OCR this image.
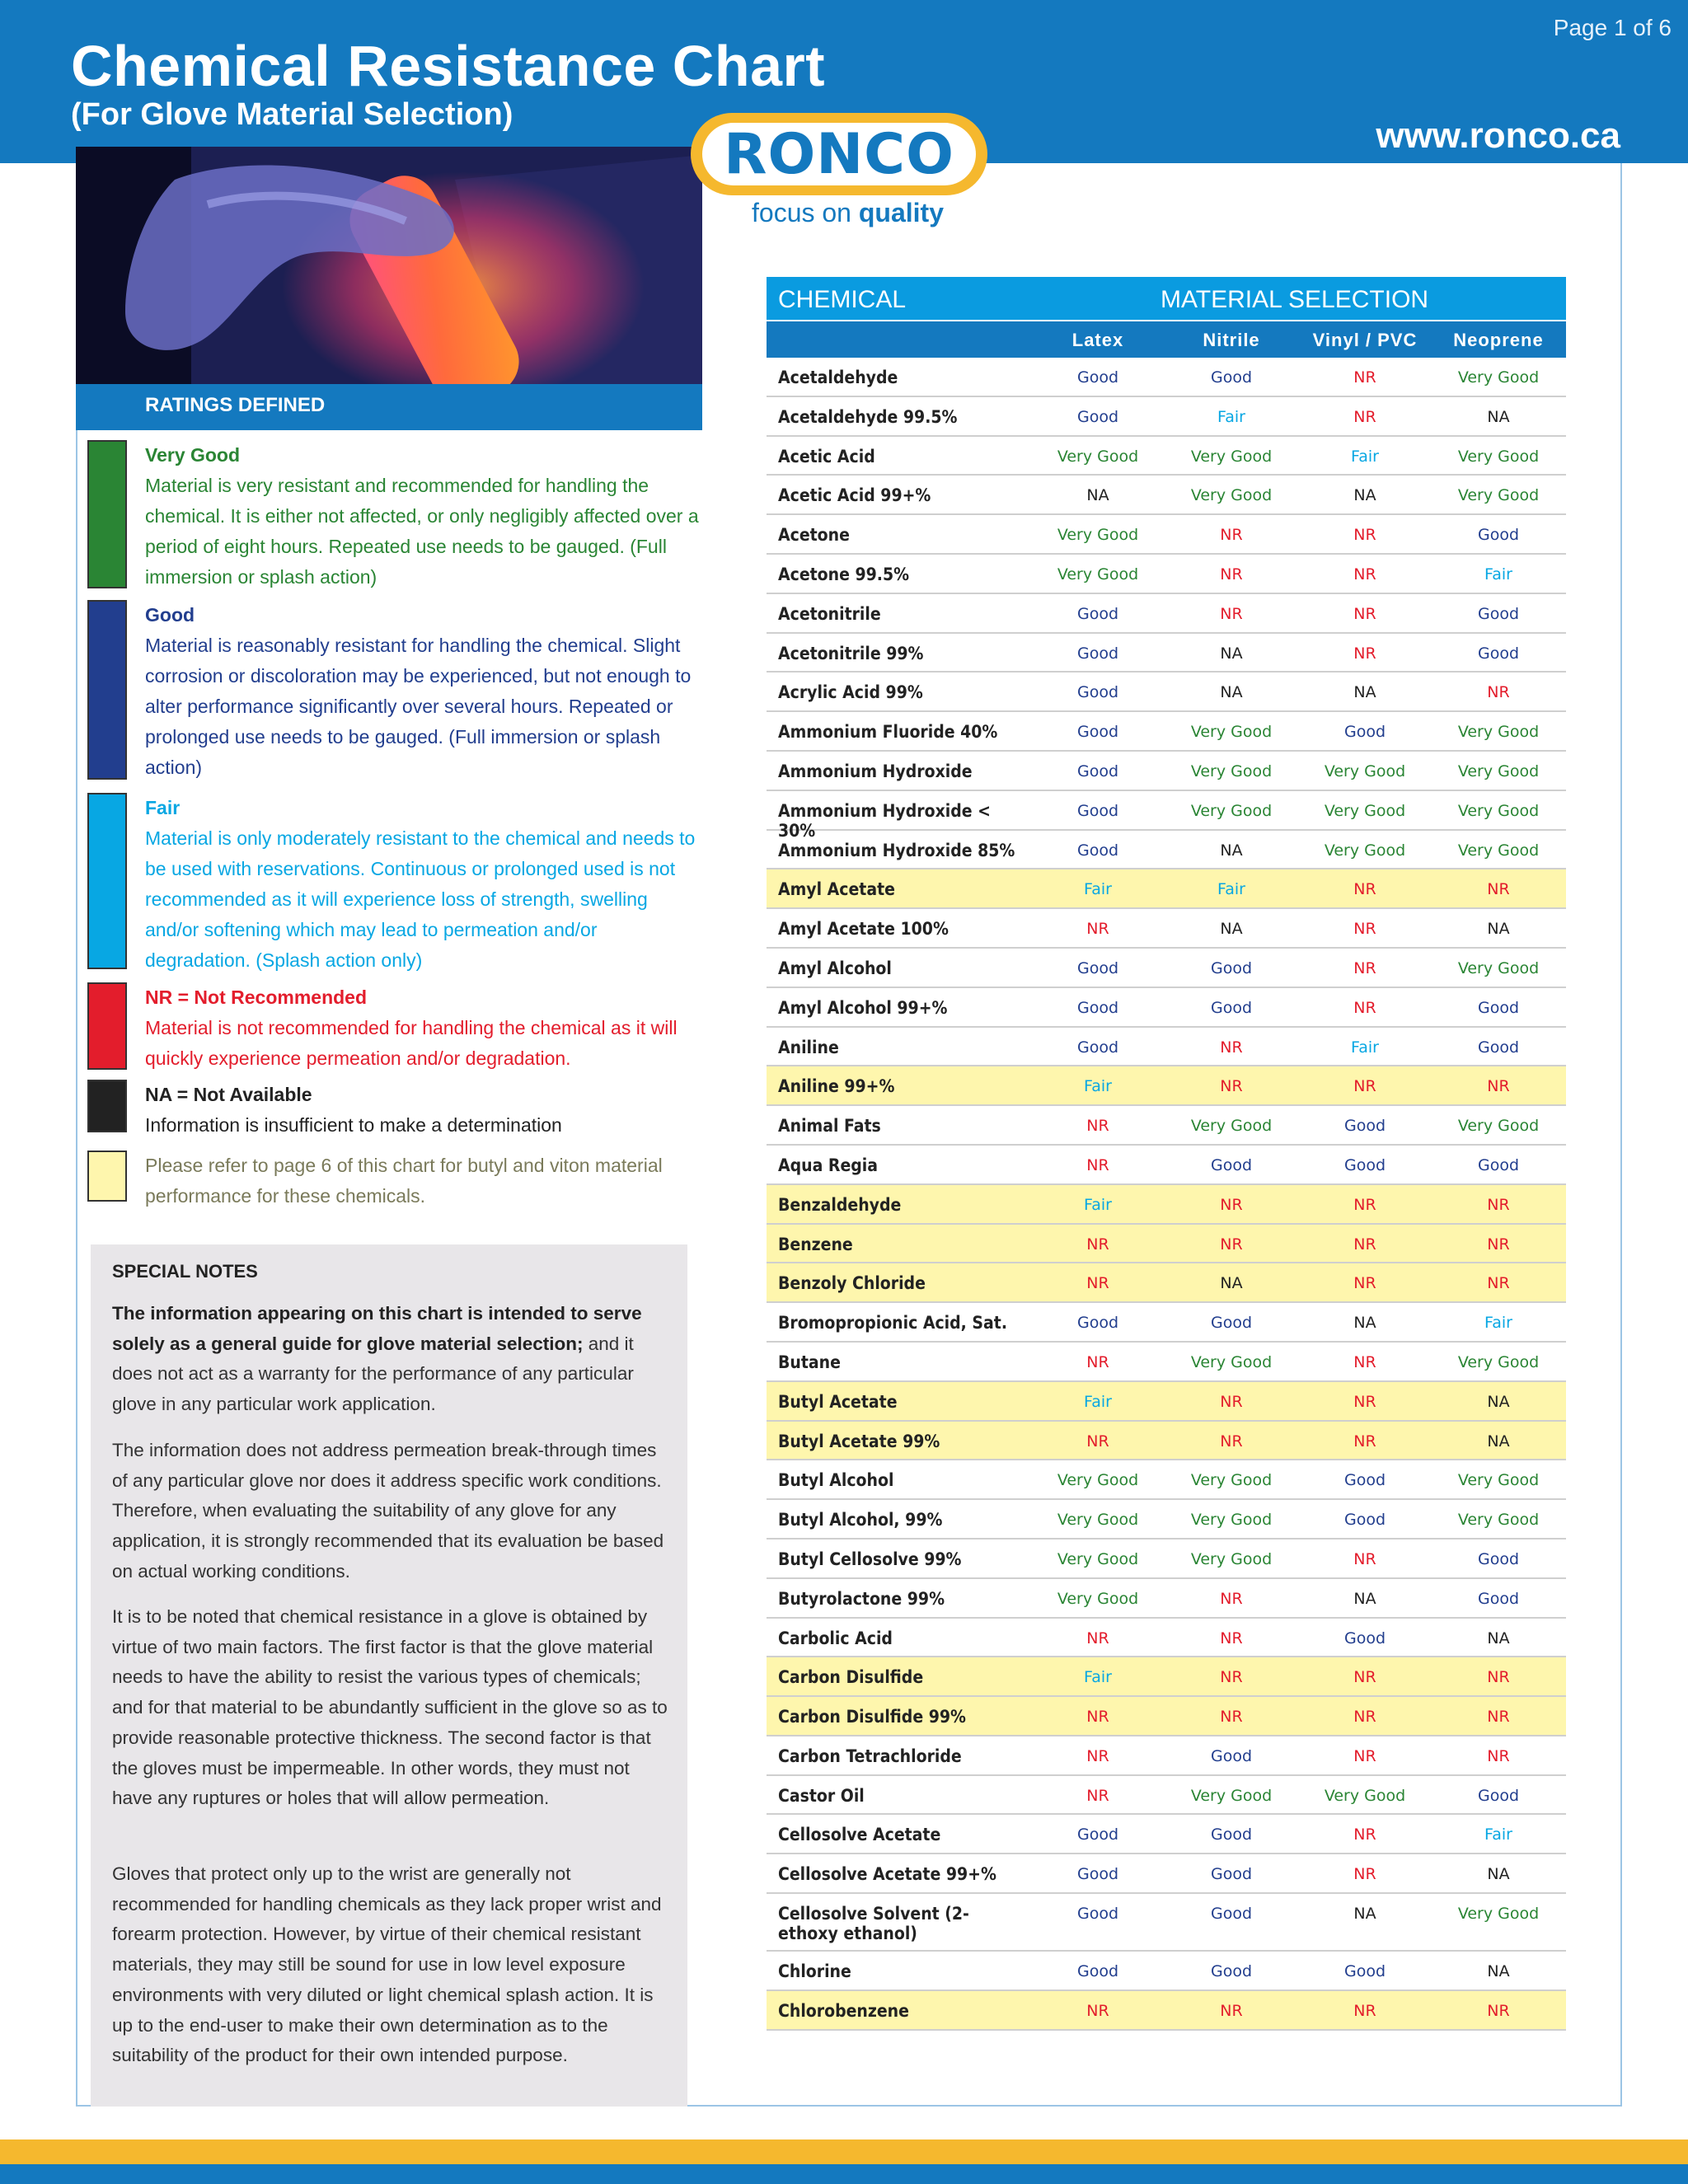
Page 1 of 6
Chemical Resistance Chart
(For Glove Material Selection)
www.ronco.ca
RONCO
focus on quality
RATINGS DEFINED
Very Good
Material is very resistant and recommended for handling the chemical. It is either not affected, or only negligibly affected over a period of eight hours. Repeated use needs to be gauged. (Full immersion or splash action)
Good
Material is reasonably resistant for handling the chemical. Slight corrosion or discoloration may be experienced, but not enough to alter performance significantly over several hours. Repeated or prolonged use needs to be gauged. (Full immersion or splash action)
Fair
Material is only moderately resistant to the chemical and needs to be used with reservations. Continuous or prolonged used is not recommended as it will experience loss of strength, swelling and/or softening which may lead to permeation and/or degradation. (Splash action only)
NR = Not Recommended
Material is not recommended for handling the chemical as it will quickly experience permeation and/or degradation.
NA = Not Available
Information is insufficient to make a determination
Please refer to page 6 of this chart for butyl and viton material performance for these chemicals.
SPECIAL NOTES

The information appearing on this chart is intended to serve solely as a general guide for glove material selection; and it does not act as a warranty for the performance of any particular glove in any particular work application.

The information does not address permeation break-through times of any particular glove nor does it address specific work conditions. Therefore, when evaluating the suitability of any glove for any application, it is strongly recommended that its evaluation be based on actual working conditions.

It is to be noted that chemical resistance in a glove is obtained by virtue of two main factors. The first factor is that the glove material needs to have the ability to resist the various types of chemicals; and for that material to be abundantly sufficient in the glove so as to provide reasonable protective thickness. The second factor is that the gloves must be impermeable. In other words, they must not have any ruptures or holes that will allow permeation.

Gloves that protect only up to the wrist are generally not recommended for handling chemicals as they lack proper wrist and forearm protection. However, by virtue of their chemical resistant materials, they may still be sound for use in low level exposure environments with very diluted or light chemical splash action. It is up to the end-user to make their own determination as to the suitability of the product for their own intended purpose.

CHEMICAL	MATERIAL SELECTION
Latex	Nitrile	Vinyl / PVC	Neoprene
Acetaldehyde	Good	Good	NR	Very Good
Acetaldehyde 99.5%	Good	Fair	NR	NA
Acetic Acid	Very Good	Very Good	Fair	Very Good
Acetic Acid 99+%	NA	Very Good	NA	Very Good
Acetone	Very Good	NR	NR	Good
Acetone 99.5%	Very Good	NR	NR	Fair
Acetonitrile	Good	NR	NR	Good
Acetonitrile 99%	Good	NA	NR	Good
Acrylic Acid 99%	Good	NA	NA	NR
Ammonium Fluoride 40%	Good	Very Good	Good	Very Good
Ammonium Hydroxide	Good	Very Good	Very Good	Very Good
Ammonium Hydroxide < 30%
Good	Very Good	Very Good	Very Good
Ammonium Hydroxide 85%	Good	NA	Very Good	Very Good
Amyl Acetate	Fair	Fair	NR	NR
Amyl Acetate 100%	NR	NA	NR	NA
Amyl Alcohol	Good	Good	NR	Very Good
Amyl Alcohol 99+%	Good	Good	NR	Good
Aniline	Good	NR	Fair	Good
Aniline 99+%	Fair	NR	NR	NR
Animal Fats	NR	Very Good	Good	Very Good
Aqua Regia	NR	Good	Good	Good
Benzaldehyde	Fair	NR	NR	NR
Benzene	NR	NR	NR	NR
Benzoly Chloride	NR	NA	NR	NR
Bromopropionic Acid, Sat.	Good	Good	NA	Fair
Butane	NR	Very Good	NR	Very Good
Butyl Acetate	Fair	NR	NR	NA
Butyl Acetate 99%	NR	NR	NR	NA
Butyl Alcohol	Very Good	Very Good	Good	Very Good
Butyl Alcohol, 99%	Very Good	Very Good	Good	Very Good
Butyl Cellosolve 99%	Very Good	Very Good	NR	Good
Butyrolactone 99%	Very Good	NR	NA	Good
Carbolic Acid	NR	NR	Good	NA
Carbon Disulfide	Fair	NR	NR	NR
Carbon Disulfide 99%	NR	NR	NR	NR
Carbon Tetrachloride	NR	Good	NR	NR
Castor Oil	NR	Very Good	Very Good	Good
Cellosolve Acetate	Good	Good	NR	Fair
Cellosolve Acetate 99+%	Good	Good	NR	NA
Cellosolve Solvent (2-ethoxy ethanol)
Good	Good	NA	Very Good
Chlorine	Good	Good	Good	NA
Chlorobenzene	NR	NR	NR	NR
